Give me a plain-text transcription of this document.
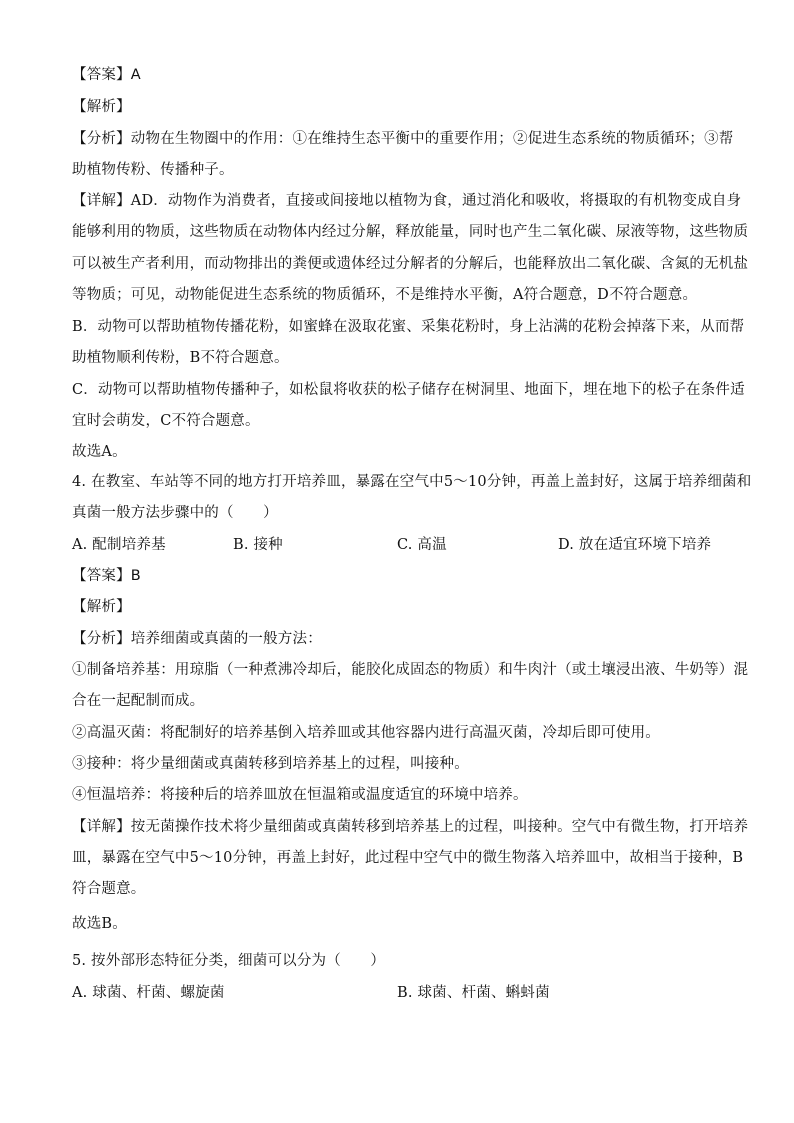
【答案】A
【解析】
【分析】动物在生物圈中的作用：①在维持生态平衡中的重要作用；②促进生态系统的物质循环；③帮
助植物传粉、传播种子。
【详解】AD．动物作为消费者，直接或间接地以植物为食，通过消化和吸收，将摄取的有机物变成自身
能够利用的物质，这些物质在动物体内经过分解，释放能量，同时也产生二氧化碳、尿液等物，这些物质
可以被生产者利用，而动物排出的粪便或遗体经过分解者的分解后，也能释放出二氧化碳、含氮的无机盐
等物质；可见，动物能促进生态系统的物质循环，不是维持水平衡，A符合题意，D不符合题意。
B．动物可以帮助植物传播花粉，如蜜蜂在汲取花蜜、采集花粉时，身上沾满的花粉会掉落下来，从而帮
助植物顺利传粉，B不符合题意。
C．动物可以帮助植物传播种子，如松鼠将收获的松子储存在树洞里、地面下，埋在地下的松子在条件适
宜时会萌发，C不符合题意。
故选A。
4. 在教室、车站等不同的地方打开培养皿，暴露在空气中5～10分钟，再盖上盖封好，这属于培养细菌和
真菌一般方法步骤中的（　　）
A. 配制培养基	B. 接种	C. 高温	D. 放在适宜环境下培养
【答案】B
【解析】
【分析】培养细菌或真菌的一般方法：
①制备培养基：用琼脂（一种煮沸冷却后，能胶化成固态的物质）和牛肉汁（或土壤浸出液、牛奶等）混
合在一起配制而成。
②高温灭菌：将配制好的培养基倒入培养皿或其他容器内进行高温灭菌，冷却后即可使用。
③接种：将少量细菌或真菌转移到培养基上的过程，叫接种。
④恒温培养：将接种后的培养皿放在恒温箱或温度适宜的环境中培养。
【详解】按无菌操作技术将少量细菌或真菌转移到培养基上的过程，叫接种。空气中有微生物，打开培养
皿，暴露在空气中5～10分钟，再盖上封好，此过程中空气中的微生物落入培养皿中，故相当于接种，B
符合题意。
故选B。
5. 按外部形态特征分类，细菌可以分为（　　）
A. 球菌、杆菌、螺旋菌	B. 球菌、杆菌、蝌蚪菌
